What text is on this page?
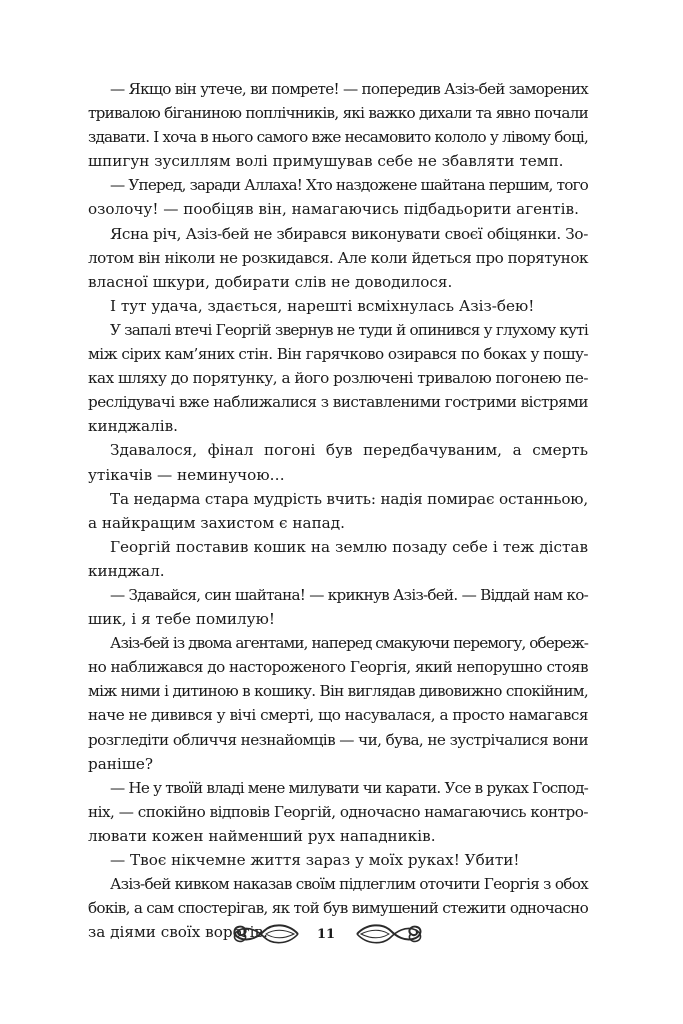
— Якщо він утече, ви помрете! — попередив Азіз-бей заморених

тривалою біганиною поплічників, які важко дихали та явно почали

здавати. І хоча в нього самого вже несамовито кололо у лівому боці,

шпигун зусиллям волі примушував себе не збавляти темп.

— Уперед, заради Аллаха! Хто наздожене шайтана першим, того

озолочу! — пообіцяв він, намагаючись підбадьорити агентів.

Ясна річ, Азіз-бей не збирався виконувати своєї обіцянки. Зо-

лотом він ніколи не розкидався. Але коли йдеться про порятунок

власної шкури, добирати слів не доводилося.

І тут удача, здається, нарешті всміхнулась Азіз-бею!

У запалі втечі Георгій звернув не туди й опинився у глухому куті

між сірих кам’яних стін. Він гарячково озирався по боках у пошу-

ках шляху до порятунку, а його розлючені тривалою погонею пе-

реслідувачі вже наближалися з виставленими гострими вістрями

кинджалів.

Здавалося, фінал погоні був передбачуваним, а смерть

утікачів — неминучою…

Та недарма стара мудрість вчить: надія помирає останньою,

а найкращим захистом є напад.

Георгій поставив кошик на землю позаду себе і теж дістав

кинджал.

— Здавайся, син шайтана! — крикнув Азіз-бей. — Віддай нам ко-

шик, і я тебе помилую!

Азіз-бей із двома агентами, наперед смакуючи перемогу, обереж-

но наближався до настороженого Георгія, який непорушно стояв

між ними і дитиною в кошику. Він виглядав дивовижно спокійним,

наче не дивився у вічі смерті, що насувалася, а просто намагався

розгледіти обличчя незнайомців — чи, бува, не зустрічалися вони

раніше?

— Не у твоїй владі мене милувати чи карати. Усе в руках Господ-

ніх, — спокійно відповів Георгій, одночасно намагаючись контро-

лювати кожен найменший рух нападників.

— Твоє нікчемне життя зараз у моїх руках! Убити!

Азіз-бей кивком наказав своїм підлеглим оточити Георгія з обох

боків, а сам спостерігав, як той був вимушений стежити одночасно

за діями своїх ворогів.	11
